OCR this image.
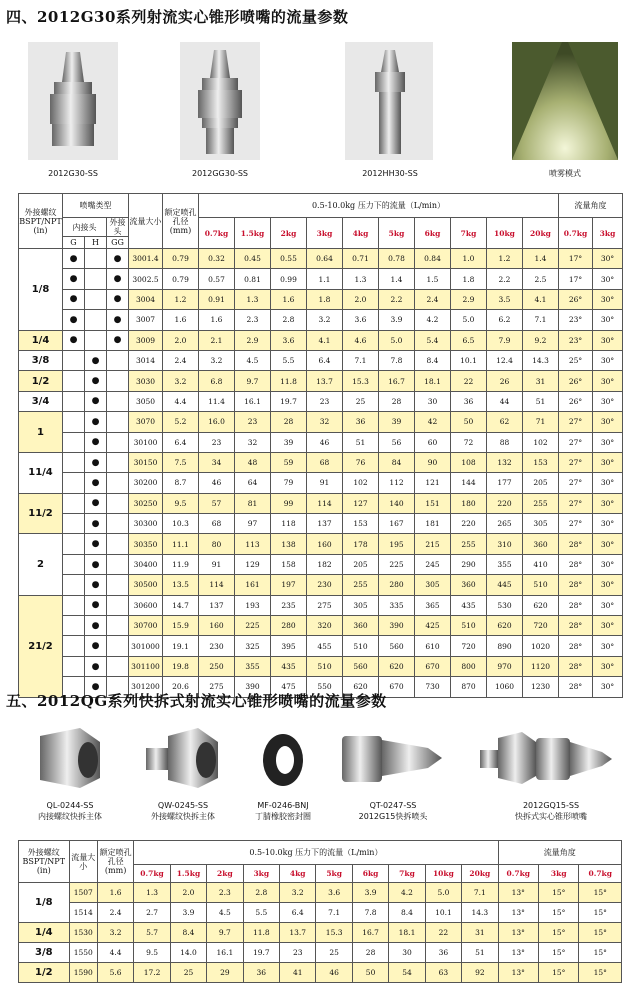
四、2012G30系列射流实心锥形喷嘴的流量参数
2012G30-SS	2012GG30-SS	2012HH30-SS	喷雾模式
外接螺纹 BSPT/NPT (in)	喷嘴类型			流量大小	额定喷孔孔径 (mm)	0.5-10.0kg 压力下的流量（L/min）										流量角度	
	内接头		外接头			0.7kg	1.5kg	2kg	3kg	4kg	5kg	6kg	7kg	10kg	20kg	0.7kg	3kg
	G	H	GG														
1/8	●		●	3001.4	0.79	0.32	0.45	0.55	0.64	0.71	0.78	0.84	1.0	1.2	1.4	17°	30°
	●		●	3002.5	0.79	0.57	0.81	0.99	1.1	1.3	1.4	1.5	1.8	2.2	2.5	17°	30°
	●		●	3004	1.2	0.91	1.3	1.6	1.8	2.0	2.2	2.4	2.9	3.5	4.1	26°	30°
	●		●	3007	1.6	1.6	2.3	2.8	3.2	3.6	3.9	4.2	5.0	6.2	7.1	23°	30°
1/4	●		●	3009	2.0	2.1	2.9	3.6	4.1	4.6	5.0	5.4	6.5	7.9	9.2	23°	30°
3/8		●		3014	2.4	3.2	4.5	5.5	6.4	7.1	7.8	8.4	10.1	12.4	14.3	25°	30°
1/2		●		3030	3.2	6.8	9.7	11.8	13.7	15.3	16.7	18.1	22	26	31	26°	30°
3/4		●		3050	4.4	11.4	16.1	19.7	23	25	28	30	36	44	51	26°	30°
1		●		3070	5.2	16.0	23	28	32	36	39	42	50	62	71	27°	30°
		●		30100	6.4	23	32	39	46	51	56	60	72	88	102	27°	30°
11/4		●		30150	7.5	34	48	59	68	76	84	90	108	132	153	27°	30°
		●		30200	8.7	46	64	79	91	102	112	121	144	177	205	27°	30°
11/2		●		30250	9.5	57	81	99	114	127	140	151	180	220	255	27°	30°
		●		30300	10.3	68	97	118	137	153	167	181	220	265	305	27°	30°
2		●		30350	11.1	80	113	138	160	178	195	215	255	310	360	28°	30°
		●		30400	11.9	91	129	158	182	205	225	245	290	355	410	28°	30°
		●		30500	13.5	114	161	197	230	255	280	305	360	445	510	28°	30°
21/2		●		30600	14.7	137	193	235	275	305	335	365	435	530	620	28°	30°
		●		30700	15.9	160	225	280	320	360	390	425	510	620	720	28°	30°
		●		301000	19.1	230	325	395	455	510	560	610	720	890	1020	28°	30°
		●		301100	19.8	250	355	435	510	560	620	670	800	970	1120	28°	30°
		●		301200	20.6	275	390	475	550	620	670	730	870	1060	1230	28°	30°
五、2012QG系列快拆式射流实心锥形喷嘴的流量参数
QL-0244-SS
内接螺纹快拆主体
QW-0245-SS
外接螺纹快拆主体
MF-0246-BNJ
丁腈橡胶密封圈
QT-0247-SS
2012G15快拆喷头
2012GQ15-SS
快拆式实心锥形喷嘴
外接螺纹 BSPT/NPT (in)	流量大小	额定喷孔孔径 (mm)	0.5-10.0kg 压力下的流量（L/min）										流量角度		
			0.7kg	1.5kg	2kg	3kg	4kg	5kg	6kg	7kg	10kg	20kg	0.7kg	3kg	0.7kg
1/8	1507	1.6	1.3	2.0	2.3	2.8	3.2	3.6	3.9	4.2	5.0	7.1	13°	15°	15°
	1514	2.4	2.7	3.9	4.5	5.5	6.4	7.1	7.8	8.4	10.1	14.3	13°	15°	15°
1/4	1530	3.2	5.7	8.4	9.7	11.8	13.7	15.3	16.7	18.1	22	31	13°	15°	15°
3/8	1550	4.4	9.5	14.0	16.1	19.7	23	25	28	30	36	51	13°	15°	15°
1/2	1590	5.6	17.2	25	29	36	41	46	50	54	63	92	13°	15°	15°
